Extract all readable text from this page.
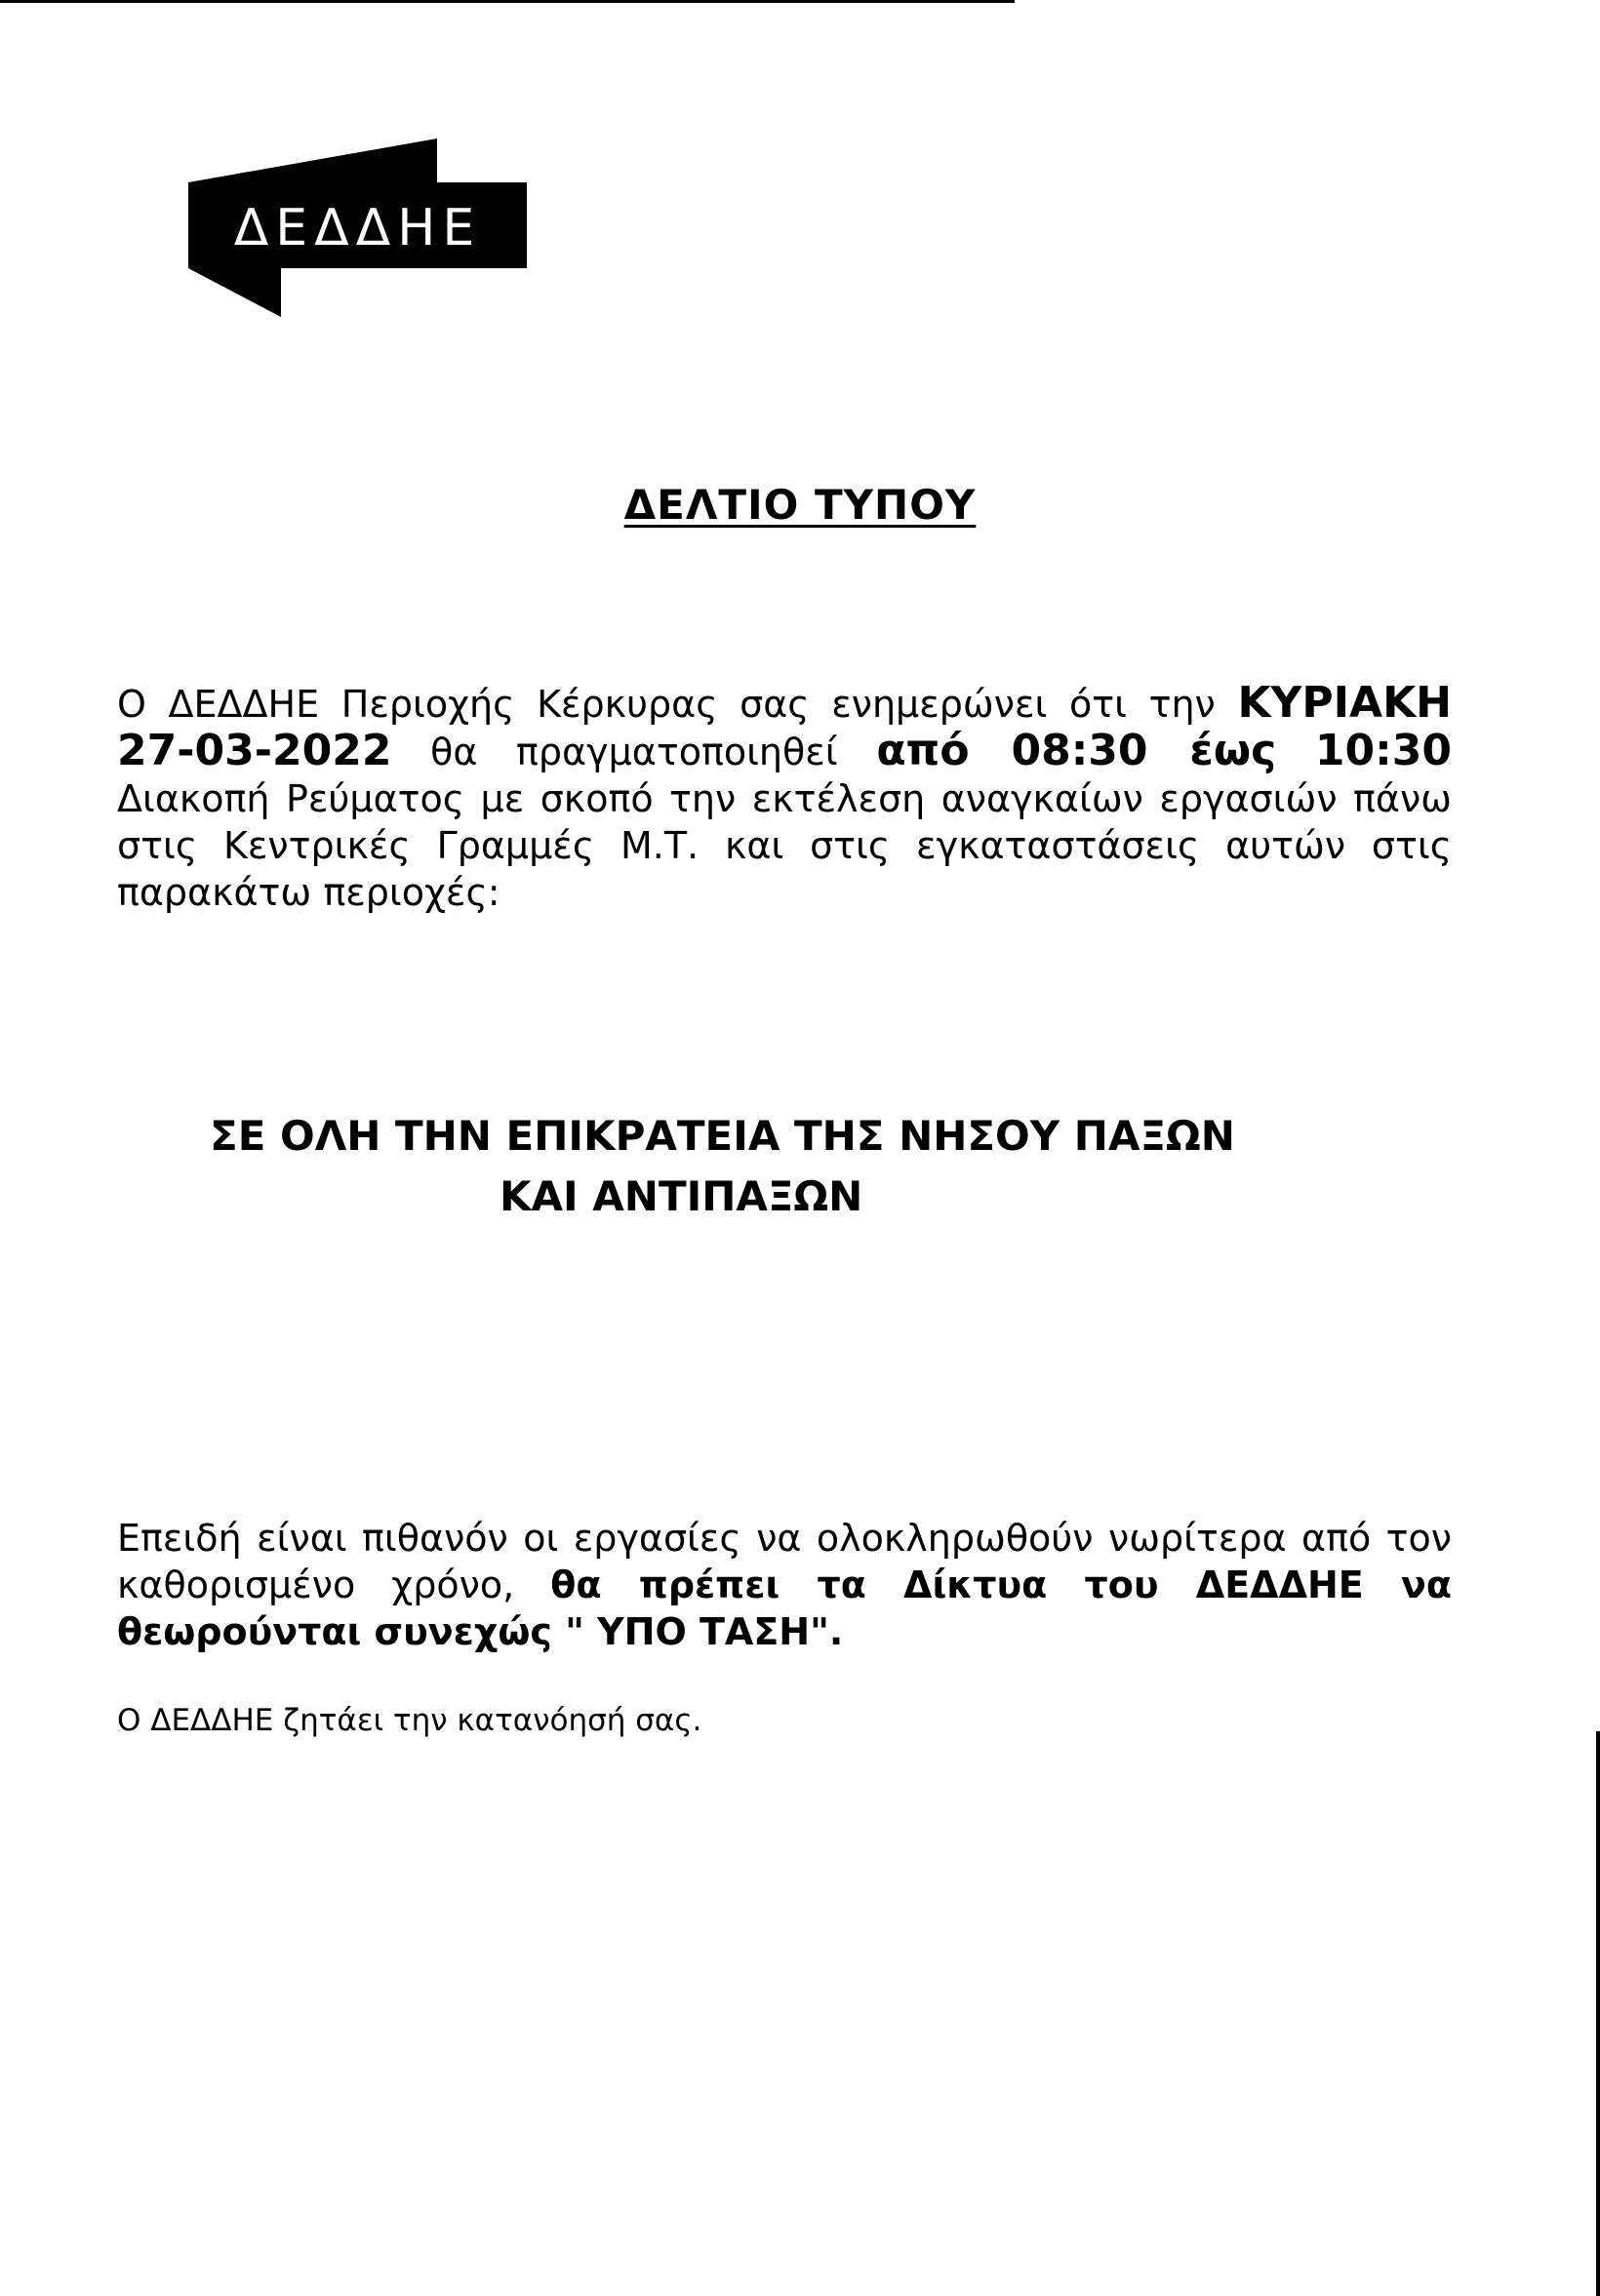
ΔΕΔΔΗΕ
ΔΕΛΤΙΟ ΤΥΠΟΥ
Ο ΔΕΔΔΗΕ Περιοχής Κέρκυρας σας ενημερώνει ότι την ΚΥΡΙΑΚΗ 27-03-2022 θα πραγματοποιηθεί από 08:30 έως 10:30 Διακοπή Ρεύματος με σκοπό την εκτέλεση αναγκαίων εργασιών πάνω στις Κεντρικές Γραμμές Μ.Τ. και στις εγκαταστάσεις αυτών στις παρακάτω περιοχές:
ΣΕ ΟΛΗ ΤΗΝ ΕΠΙΚΡΑΤΕΙΑ ΤΗΣ ΝΗΣΟΥ ΠΑΞΩΝ
ΚΑΙ ΑΝΤΙΠΑΞΩΝ
Επειδή είναι πιθανόν οι εργασίες να ολοκληρωθούν νωρίτερα από τον καθορισμένο χρόνο, θα πρέπει τα Δίκτυα του ΔΕΔΔΗΕ να θεωρούνται συνεχώς " ΥΠΟ ΤΑΣΗ".
Ο ΔΕΔΔΗΕ ζητάει την κατανόησή σας.
